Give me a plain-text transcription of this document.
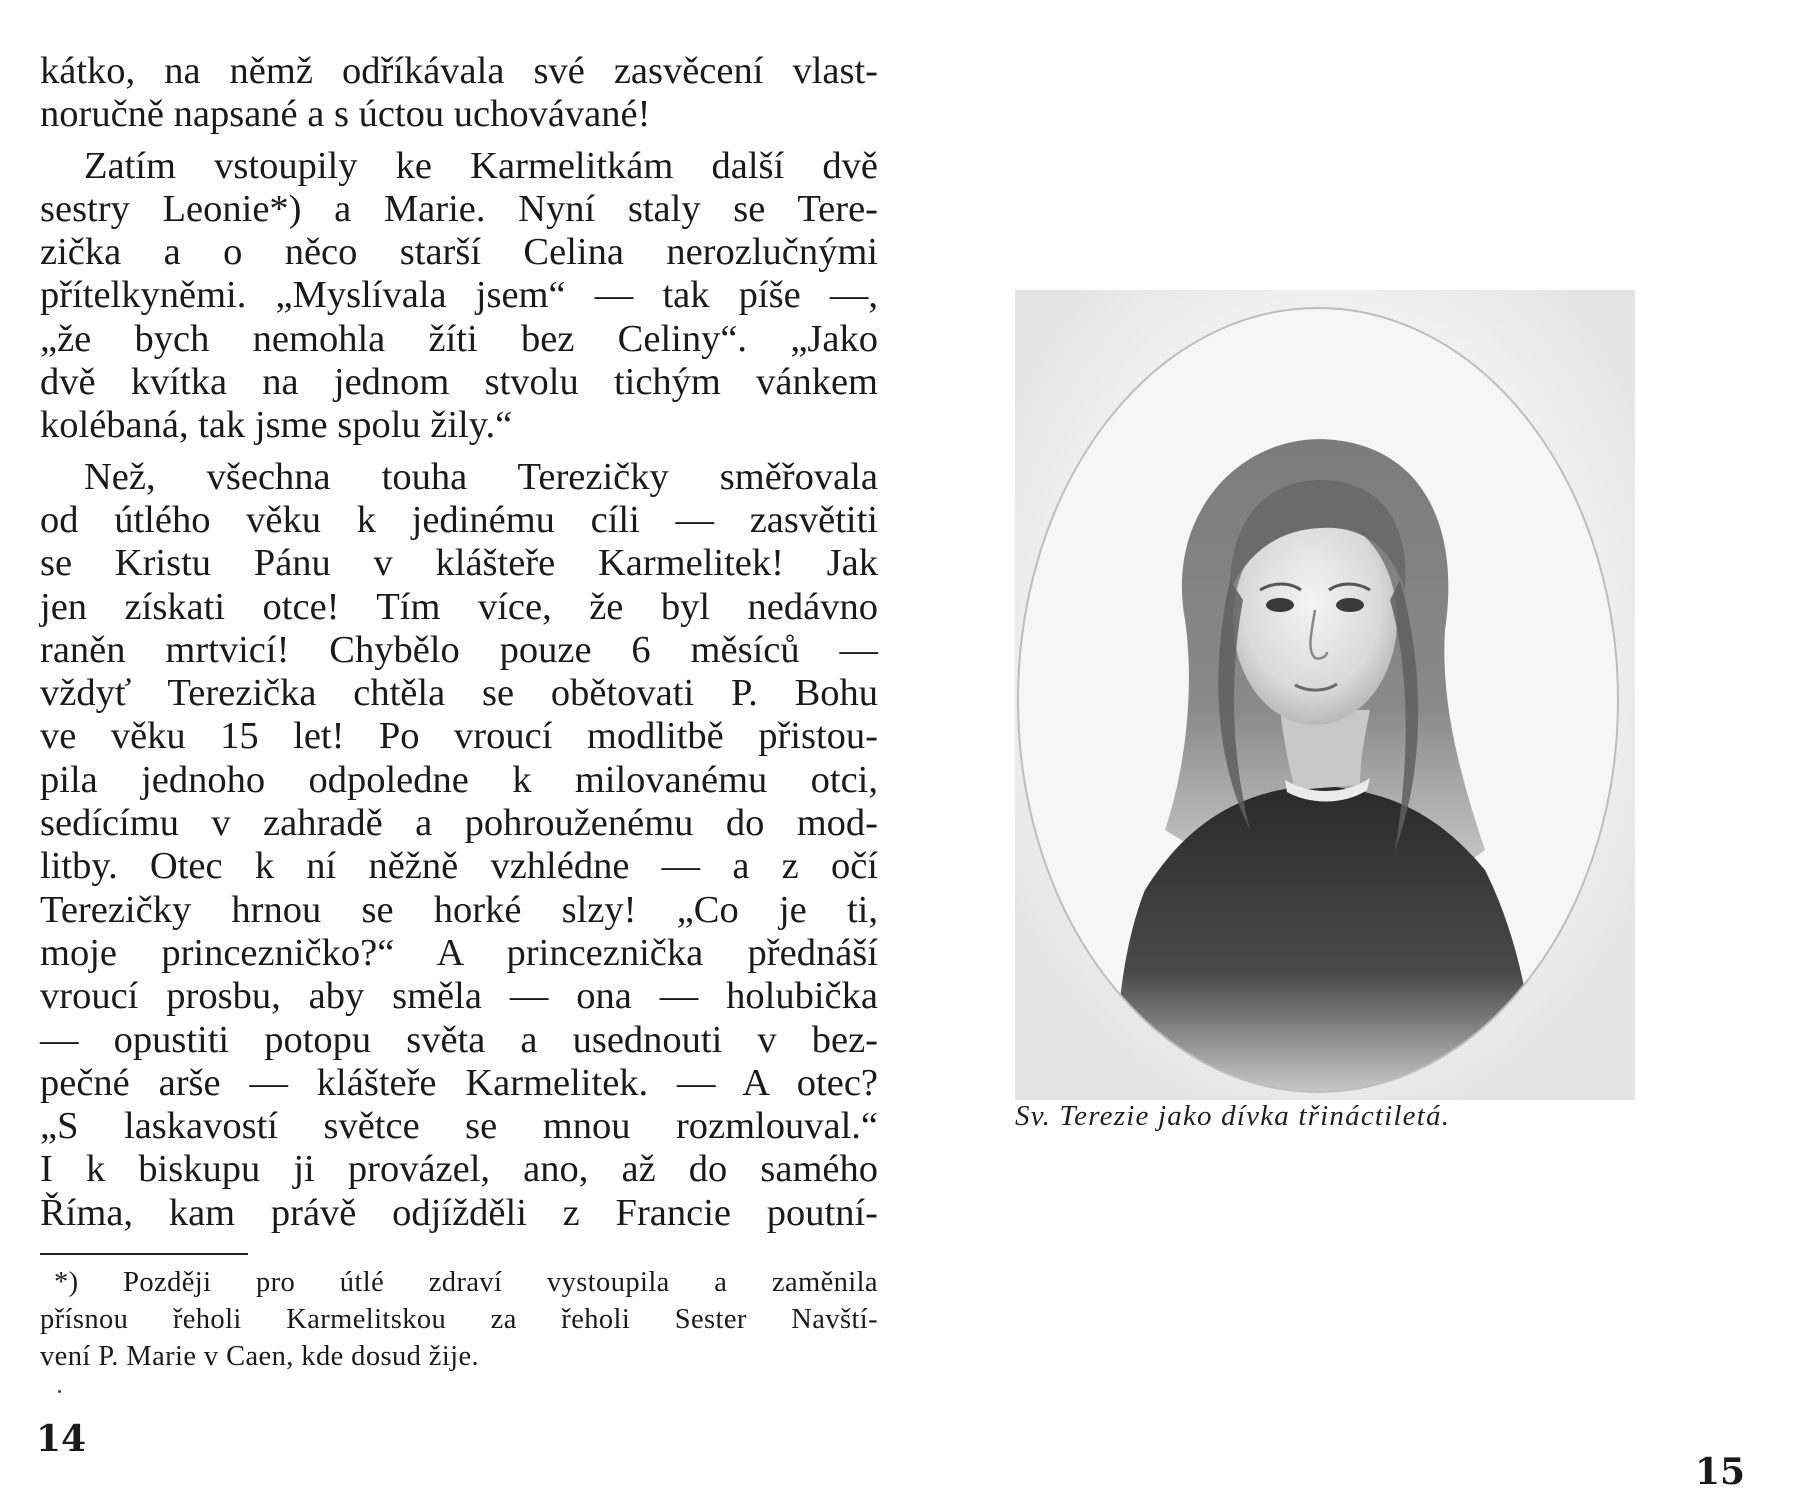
kátko, na němž odříkávala své zasvěcení vlast-
noručně napsané a s úctou uchovávané!

Zatím vstoupily ke Karmelitkám další dvě
sestry Leonie*) a Marie. Nyní staly se Tere-
zička a o něco starší Celina nerozlučnými
přítelkyněmi. „Myslívala jsem“ — tak píše —,
„že bych nemohla žíti bez Celiny“. „Jako
dvě kvítka na jednom stvolu tichým vánkem
kolébaná, tak jsme spolu žily.“

Než, všechna touha Terezičky směřovala
od útlého věku k jedinému cíli — zasvětiti
se Kristu Pánu v klášteře Karmelitek! Jak
jen získati otce! Tím více, že byl nedávno
raněn mrtvicí! Chybělo pouze 6 měsíců —
vždyť Terezička chtěla se obětovati P. Bohu
ve věku 15 let! Po vroucí modlitbě přistou-
pila jednoho odpoledne k milovanému otci,
sedícímu v zahradě a pohrouženému do mod-
litby. Otec k ní něžně vzhlédne — a z očí
Terezičky hrnou se horké slzy! „Co je ti,
moje princezničko?“ A princeznička přednáší
vroucí prosbu, aby směla — ona — holubička
— opustiti potopu světa a usednouti v bez-
pečné arše — klášteře Karmelitek. — A otec?
„S laskavostí světce se mnou rozmlouval.“
I k biskupu ji provázel, ano, až do samého
Říma, kam právě odjížděli z Francie poutní-

*) Později pro útlé zdraví vystoupila a zaměnila
přísnou řeholi Karmelitskou za řeholi Sester Navští-
vení P. Marie v Caen, kde dosud žije.
14
15
Sv. Terezie jako dívka třináctiletá.
